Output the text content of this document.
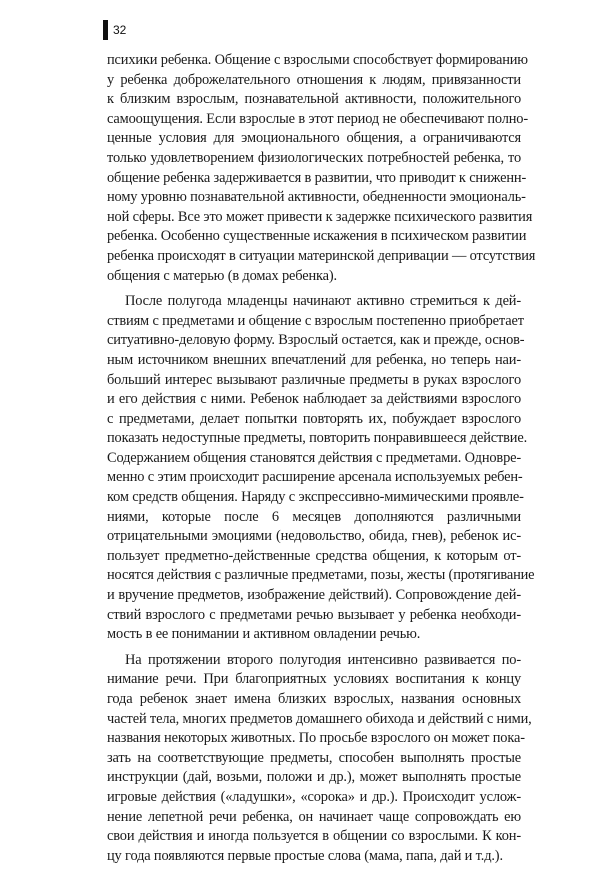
32
психики ребенка. Общение с взрослыми способствует формированию
у ребенка доброжелательного отношения к людям, привязанности
к близким взрослым, познавательной активности, положительного
самоощущения. Если взрослые в этот период не обеспечивают полно-
ценные условия для эмоционального общения, а ограничиваются
только удовлетворением физиологических потребностей ребенка, то
общение ребенка задерживается в развитии, что приводит к сниженн-
ному уровню познавательной активности, обедненности эмоциональ-
ной сферы. Все это может привести к задержке психического развития
ребенка. Особенно существенные искажения в психическом развитии
ребенка происходят в ситуации материнской депривации — отсутствия
общения с матерью (в домах ребенка).
После полугода младенцы начинают активно стремиться к дей-
ствиям с предметами и общение с взрослым постепенно приобретает
ситуативно-деловую форму. Взрослый остается, как и прежде, основ-
ным источником внешних впечатлений для ребенка, но теперь наи-
больший интерес вызывают различные предметы в руках взрослого
и его действия с ними. Ребенок наблюдает за действиями взрослого
с предметами, делает попытки повторять их, побуждает взрослого
показать недоступные предметы, повторить понравившееся действие.
Содержанием общения становятся действия с предметами. Одновре-
менно с этим происходит расширение арсенала используемых ребен-
ком средств общения. Наряду с экспрессивно-мимическими проявле-
ниями, которые после 6 месяцев дополняются различными
отрицательными эмоциями (недовольство, обида, гнев), ребенок ис-
пользует предметно-действенные средства общения, к которым от-
носятся действия с различные предметами, позы, жесты (протягивание
и вручение предметов, изображение действий). Сопровождение дей-
ствий взрослого с предметами речью вызывает у ребенка необходи-
мость в ее понимании и активном овладении речью.
На протяжении второго полугодия интенсивно развивается по-
нимание речи. При благоприятных условиях воспитания к концу
года ребенок знает имена близких взрослых, названия основных
частей тела, многих предметов домашнего обихода и действий с ними,
названия некоторых животных. По просьбе взрослого он может пока-
зать на соответствующие предметы, способен выполнять простые
инструкции (дай, возьми, положи и др.), может выполнять простые
игровые действия («ладушки», «сорока» и др.). Происходит услож-
нение лепетной речи ребенка, он начинает чаще сопровождать ею
свои действия и иногда пользуется в общении со взрослыми. К кон-
цу года появляются первые простые слова (мама, папа, дай и т.д.).
